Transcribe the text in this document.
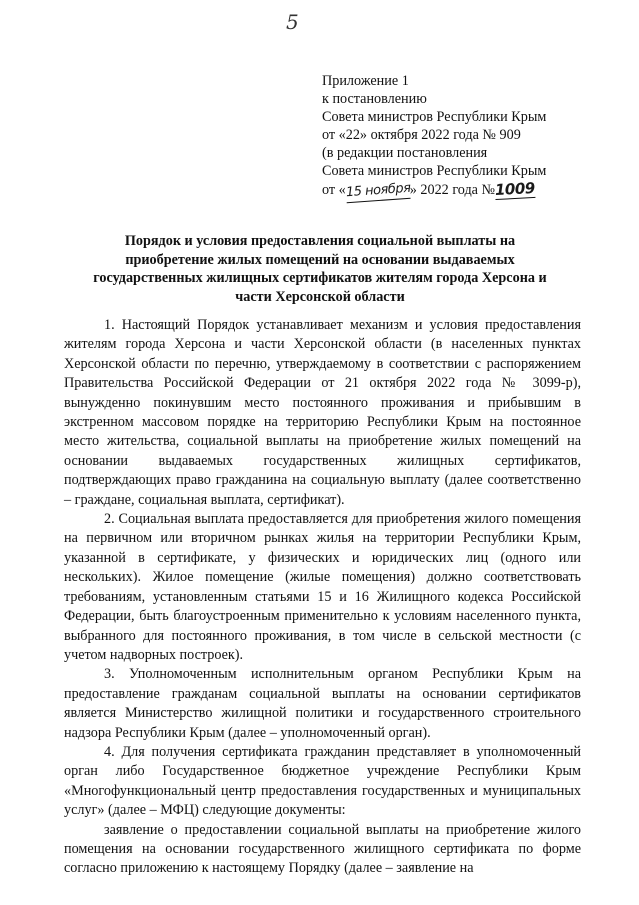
5
Приложение 1
к постановлению
Совета министров Республики Крым
от «22» октября 2022 года № 909
(в редакции постановления
Совета министров Республики Крым
от «15 ноября» 2022 года №1009
Порядок и условия предоставления социальной выплаты на
приобретение жилых помещений на основании выдаваемых
государственных жилищных сертификатов жителям города Херсона и
части Херсонской области

1. Настоящий Порядок устанавливает механизм и условия предоставления жителям города Херсона и части Херсонской области (в населенных пунктах Херсонской области по перечню, утверждаемому в соответствии с распоряжением Правительства Российской Федерации от 21 октября 2022 года № 3099-р), вынужденно покинувшим место постоянного проживания и прибывшим в экстренном массовом порядке на территорию Республики Крым на постоянное место жительства, социальной выплаты на приобретение жилых помещений на основании выдаваемых государственных жилищных сертификатов, подтверждающих право гражданина на социальную выплату (далее соответственно – граждане, социальная выплата, сертификат).

2. Социальная выплата предоставляется для приобретения жилого помещения на первичном или вторичном рынках жилья на территории Республики Крым, указанной в сертификате, у физических и юридических лиц (одного или нескольких). Жилое помещение (жилые помещения) должно соответствовать требованиям, установленным статьями 15 и 16 Жилищного кодекса Российской Федерации, быть благоустроенным применительно к условиям населенного пункта, выбранного для постоянного проживания, в том числе в сельской местности (с учетом надворных построек).

3. Уполномоченным исполнительным органом Республики Крым на предоставление гражданам социальной выплаты на основании сертификатов является Министерство жилищной политики и государственного строительного надзора Республики Крым (далее – уполномоченный орган).

4. Для получения сертификата гражданин представляет в уполномоченный орган либо Государственное бюджетное учреждение Республики Крым «Многофункциональный центр предоставления государственных и муниципальных услуг» (далее – МФЦ) следующие документы:

заявление о предоставлении социальной выплаты на приобретение жилого помещения на основании государственного жилищного сертификата по форме согласно приложению к настоящему Порядку (далее – заявление на
